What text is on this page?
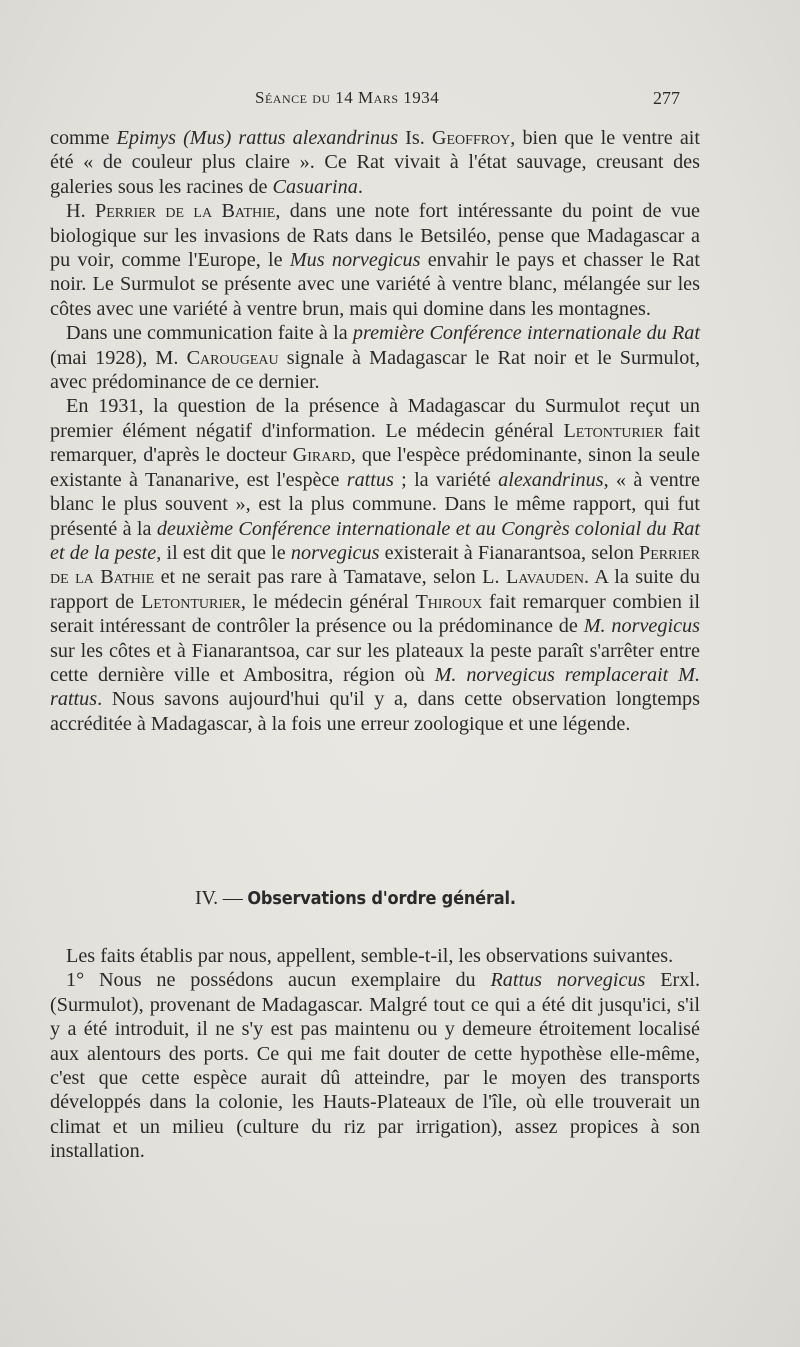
Séance du 14 Mars 1934	277

comme Epimys (Mus) rattus alexandrinus Is. Geoffroy, bien que le ventre ait été « de couleur plus claire ». Ce Rat vivait à l'état sauvage, creusant des galeries sous les racines de Casuarina.

H. Perrier de la Bathie, dans une note fort intéressante du point de vue biologique sur les invasions de Rats dans le Betsiléo, pense que Madagascar a pu voir, comme l'Europe, le Mus norvegicus envahir le pays et chasser le Rat noir. Le Surmulot se présente avec une variété à ventre blanc, mélangée sur les côtes avec une variété à ventre brun, mais qui domine dans les montagnes.

Dans une communication faite à la première Conférence internationale du Rat (mai 1928), M. Carougeau signale à Madagascar le Rat noir et le Surmulot, avec prédominance de ce dernier.

En 1931, la question de la présence à Madagascar du Surmulot reçut un premier élément négatif d'information. Le médecin général Letonturier fait remarquer, d'après le docteur Girard, que l'espèce prédominante, sinon la seule existante à Tananarive, est l'espèce rattus ; la variété alexandrinus, « à ventre blanc le plus souvent », est la plus commune. Dans le même rapport, qui fut présenté à la deuxième Conférence internationale et au Congrès colonial du Rat et de la peste, il est dit que le norvegicus existerait à Fianarantsoa, selon Perrier de la Bathie et ne serait pas rare à Tamatave, selon L. Lavauden. A la suite du rapport de Letonturier, le médecin général Thiroux fait remarquer combien il serait intéressant de contrôler la présence ou la prédominance de M. norvegicus sur les côtes et à Fianarantsoa, car sur les plateaux la peste paraît s'arrêter entre cette dernière ville et Ambositra, région où M. norvegicus remplacerait M. rattus. Nous savons aujourd'hui qu'il y a, dans cette observation longtemps accréditée à Madagascar, à la fois une erreur zoologique et une légende.

IV. — Observations d'ordre général.

Les faits établis par nous, appellent, semble-t-il, les observations suivantes.

1° Nous ne possédons aucun exemplaire du Rattus norvegicus Erxl. (Surmulot), provenant de Madagascar. Malgré tout ce qui a été dit jusqu'ici, s'il y a été introduit, il ne s'y est pas maintenu ou y demeure étroitement localisé aux alentours des ports. Ce qui me fait douter de cette hypothèse elle-même, c'est que cette espèce aurait dû atteindre, par le moyen des transports développés dans la colonie, les Hauts-Plateaux de l'île, où elle trouverait un climat et un milieu (culture du riz par irrigation), assez propices à son installation.
